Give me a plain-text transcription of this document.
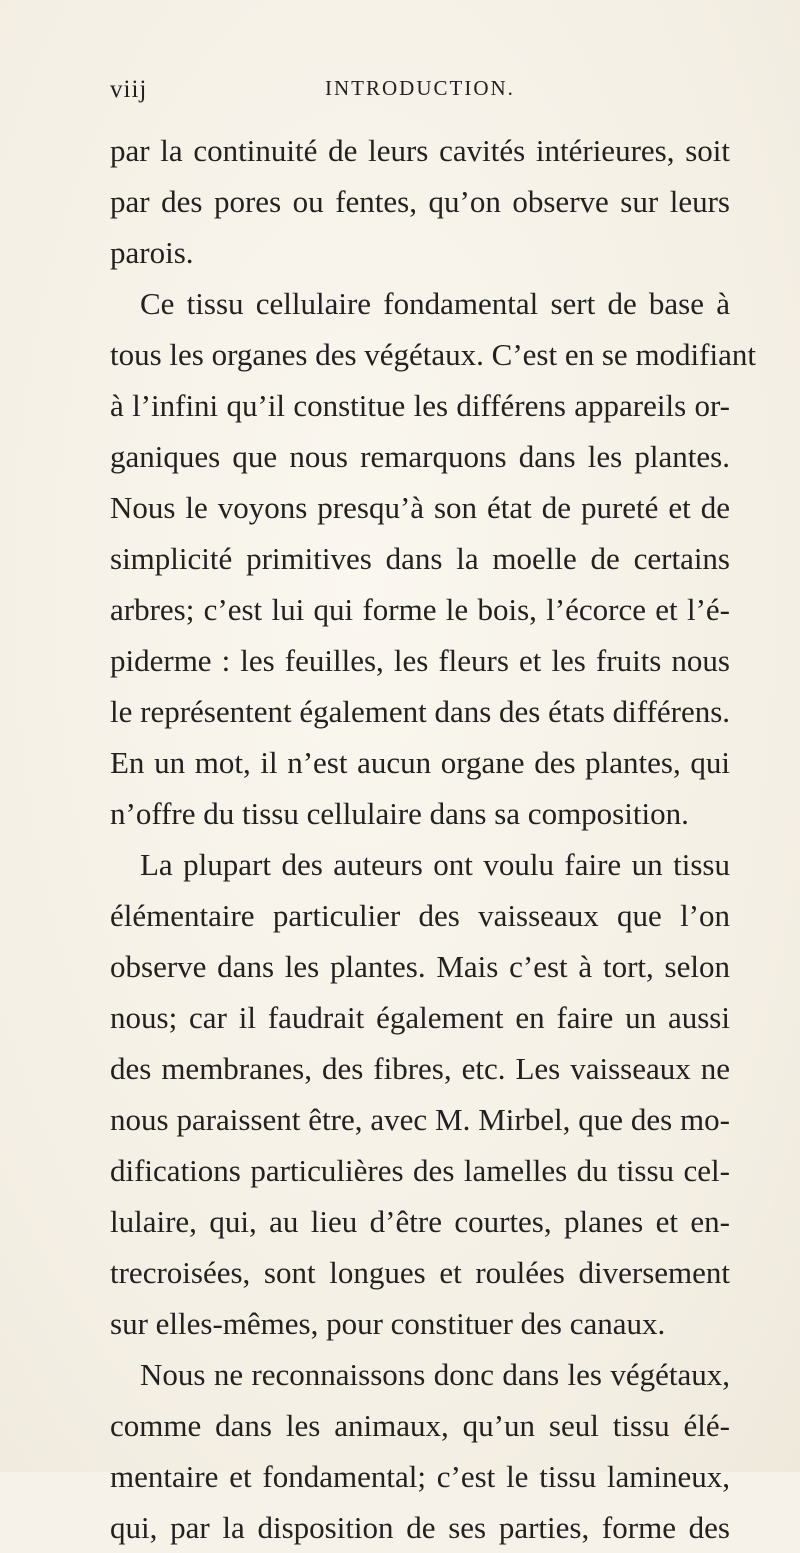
viij	INTRODUCTION.
par la continuité de leurs cavités intérieures, soit
par des pores ou fentes, qu’on observe sur leurs
parois.
Ce tissu cellulaire fondamental sert de base à
tous les organes des végétaux. C’est en se modifiant
à l’infini qu’il constitue les différens appareils or-
ganiques que nous remarquons dans les plantes.
Nous le voyons presqu’à son état de pureté et de
simplicité primitives dans la moelle de certains
arbres; c’est lui qui forme le bois, l’écorce et l’é-
piderme : les feuilles, les fleurs et les fruits nous
le représentent également dans des états différens.
En un mot, il n’est aucun organe des plantes, qui
n’offre du tissu cellulaire dans sa composition.
La plupart des auteurs ont voulu faire un tissu
élémentaire particulier des vaisseaux que l’on
observe dans les plantes. Mais c’est à tort, selon
nous; car il faudrait également en faire un aussi
des membranes, des fibres, etc. Les vaisseaux ne
nous paraissent être, avec M. Mirbel, que des mo-
difications particulières des lamelles du tissu cel-
lulaire, qui, au lieu d’être courtes, planes et en-
trecroisées, sont longues et roulées diversement
sur elles-mêmes, pour constituer des canaux.
Nous ne reconnaissons donc dans les végétaux,
comme dans les animaux, qu’un seul tissu élé-
mentaire et fondamental; c’est le tissu lamineux,
qui, par la disposition de ses parties, forme des
